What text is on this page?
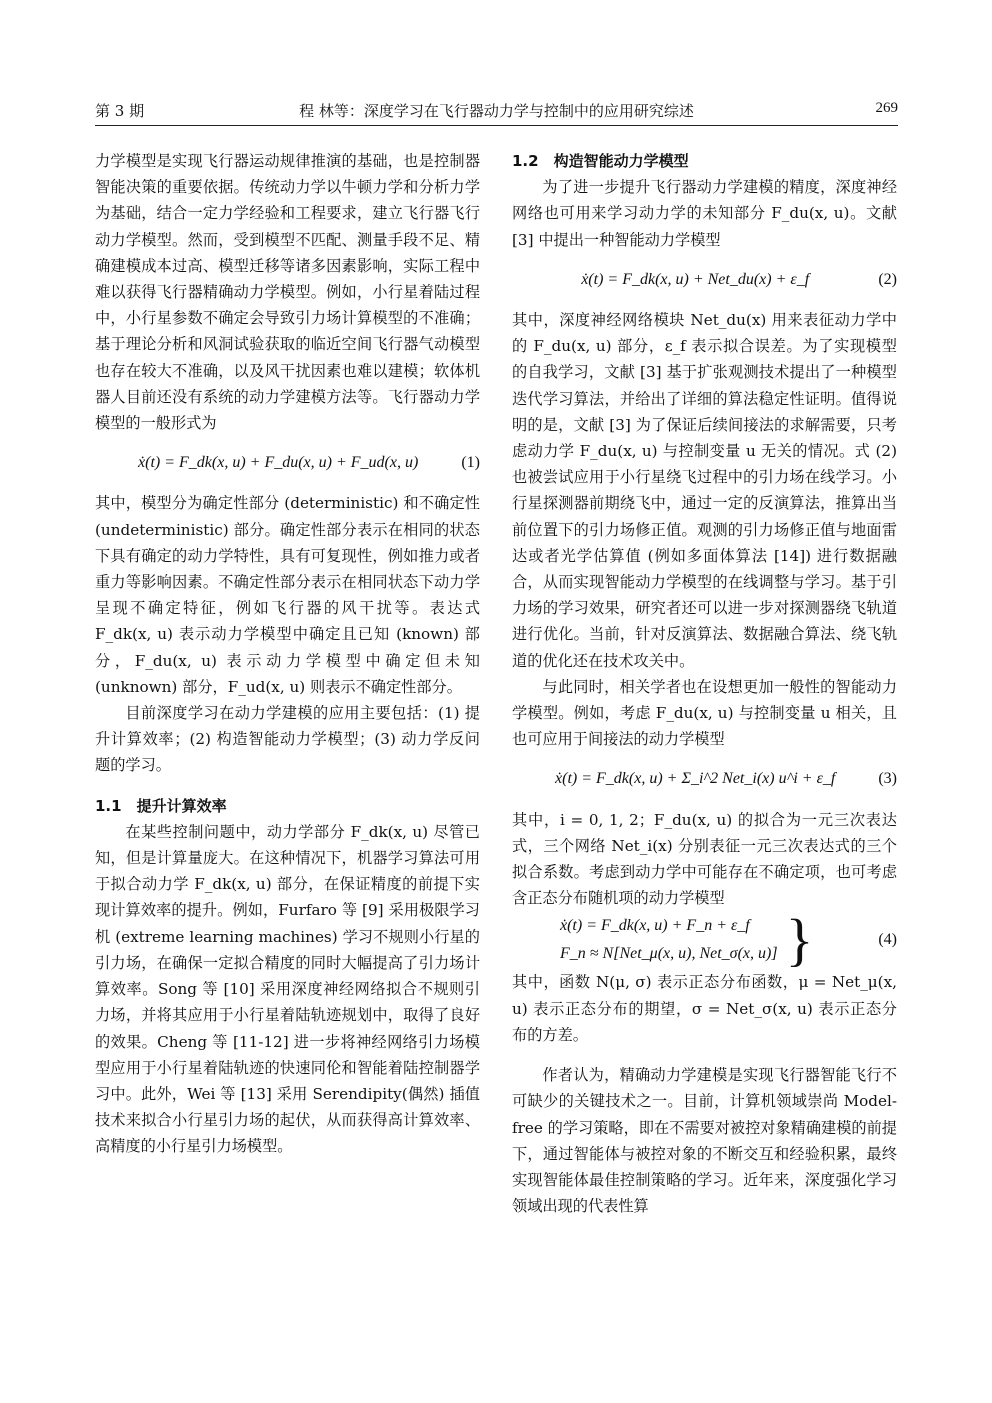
第 3 期	程 林等：深度学习在飞行器动力学与控制中的应用研究综述	269

力学模型是实现飞行器运动规律推演的基础，也是控制器智能决策的重要依据。传统动力学以牛顿力学和分析力学为基础，结合一定力学经验和工程要求，建立飞行器飞行动力学模型。然而，受到模型不匹配、测量手段不足、精确建模成本过高、模型迁移等诸多因素影响，实际工程中难以获得飞行器精确动力学模型。例如，小行星着陆过程中，小行星参数不确定会导致引力场计算模型的不准确；基于理论分析和风洞试验获取的临近空间飞行器气动模型也存在较大不准确，以及风干扰因素也难以建模；软体机器人目前还没有系统的动力学建模方法等。飞行器动力学模型的一般形式为

ẋ(t) = F_dk(x, u) + F_du(x, u) + F_ud(x, u)	(1)

其中，模型分为确定性部分 (deterministic) 和不确定性 (undeterministic) 部分。确定性部分表示在相同的状态下具有确定的动力学特性，具有可复现性，例如推力或者重力等影响因素。不确定性部分表示在相同状态下动力学呈现不确定特征，例如飞行器的风干扰等。表达式 F_dk(x, u) 表示动力学模型中确定且已知 (known) 部分，F_du(x, u) 表示动力学模型中确定但未知 (unknown) 部分，F_ud(x, u) 则表示不确定性部分。

目前深度学习在动力学建模的应用主要包括：(1) 提升计算效率；(2) 构造智能动力学模型；(3) 动力学反问题的学习。

1.1　提升计算效率

在某些控制问题中，动力学部分 F_dk(x, u) 尽管已知，但是计算量庞大。在这种情况下，机器学习算法可用于拟合动力学 F_dk(x, u) 部分，在保证精度的前提下实现计算效率的提升。例如，Furfaro 等 [9] 采用极限学习机 (extreme learning machines) 学习不规则小行星的引力场，在确保一定拟合精度的同时大幅提高了引力场计算效率。Song 等 [10] 采用深度神经网络拟合不规则引力场，并将其应用于小行星着陆轨迹规划中，取得了良好的效果。Cheng 等 [11-12] 进一步将神经网络引力场模型应用于小行星着陆轨迹的快速同伦和智能着陆控制器学习中。此外，Wei 等 [13] 采用 Serendipity(偶然) 插值技术来拟合小行星引力场的起伏，从而获得高计算效率、高精度的小行星引力场模型。

1.2　构造智能动力学模型

为了进一步提升飞行器动力学建模的精度，深度神经网络也可用来学习动力学的未知部分 F_du(x, u)。文献 [3] 中提出一种智能动力学模型

ẋ(t) = F_dk(x, u) + Net_du(x) + ε_f	(2)

其中，深度神经网络模块 Net_du(x) 用来表征动力学中的 F_du(x, u) 部分，ε_f 表示拟合误差。为了实现模型的自我学习，文献 [3] 基于扩张观测技术提出了一种模型迭代学习算法，并给出了详细的算法稳定性证明。值得说明的是，文献 [3] 为了保证后续间接法的求解需要，只考虑动力学 F_du(x, u) 与控制变量 u 无关的情况。式 (2) 也被尝试应用于小行星绕飞过程中的引力场在线学习。小行星探测器前期绕飞中，通过一定的反演算法，推算出当前位置下的引力场修正值。观测的引力场修正值与地面雷达或者光学估算值 (例如多面体算法 [14]) 进行数据融合，从而实现智能动力学模型的在线调整与学习。基于引力场的学习效果，研究者还可以进一步对探测器绕飞轨道进行优化。当前，针对反演算法、数据融合算法、绕飞轨道的优化还在技术攻关中。

与此同时，相关学者也在设想更加一般性的智能动力学模型。例如，考虑 F_du(x, u) 与控制变量 u 相关，且也可应用于间接法的动力学模型

ẋ(t) = F_dk(x, u) + Σ_i^2 Net_i(x) u^i + ε_f	(3)

其中，i = 0, 1, 2；F_du(x, u) 的拟合为一元三次表达式，三个网络 Net_i(x) 分别表征一元三次表达式的三个拟合系数。考虑到动力学中可能存在不确定项，也可考虑含正态分布随机项的动力学模型

ẋ(t) = F_dk(x, u) + F_n + ε_f
F_n ≈ N[Net_μ(x, u), Net_σ(x, u)] }	(4)

其中，函数 N(μ, σ) 表示正态分布函数，μ = Net_μ(x, u) 表示正态分布的期望，σ = Net_σ(x, u) 表示正态分布的方差。

作者认为，精确动力学建模是实现飞行器智能飞行不可缺少的关键技术之一。目前，计算机领域崇尚 Model-free 的学习策略，即在不需要对被控对象精确建模的前提下，通过智能体与被控对象的不断交互和经验积累，最终实现智能体最佳控制策略的学习。近年来，深度强化学习领域出现的代表性算
